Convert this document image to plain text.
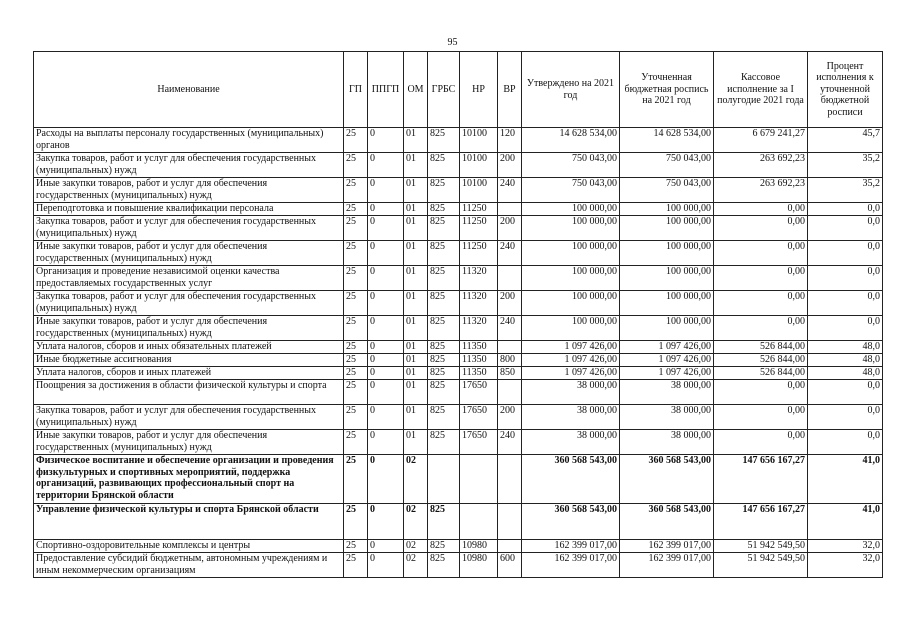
95
Наименование	ГП	ППГП	ОМ	ГРБС	НР	ВР	Утверждено на 2021 год	Уточненная бюджетная роспись на 2021 год	Кассовое исполнение за I полугодие 2021 года	Процент исполнения к уточненной бюджетной росписи
Расходы на выплаты персоналу государственных (муниципальных) органов	25	0	01	825	10100	120	14 628 534,00	14 628 534,00	6 679 241,27	45,7
Закупка товаров, работ и услуг для обеспечения государственных (муниципальных) нужд	25	0	01	825	10100	200	750 043,00	750 043,00	263 692,23	35,2
Иные закупки товаров, работ и услуг для обеспечения государственных (муниципальных) нужд	25	0	01	825	10100	240	750 043,00	750 043,00	263 692,23	35,2
Переподготовка и повышение квалификации персонала	25	0	01	825	11250		100 000,00	100 000,00	0,00	0,0
Закупка товаров, работ и услуг для обеспечения государственных (муниципальных) нужд	25	0	01	825	11250	200	100 000,00	100 000,00	0,00	0,0
Иные закупки товаров, работ и услуг для обеспечения государственных (муниципальных) нужд	25	0	01	825	11250	240	100 000,00	100 000,00	0,00	0,0
Организация и проведение независимой оценки качества предоставляемых государственных услуг	25	0	01	825	11320		100 000,00	100 000,00	0,00	0,0
Закупка товаров, работ и услуг для обеспечения государственных (муниципальных) нужд	25	0	01	825	11320	200	100 000,00	100 000,00	0,00	0,0
Иные закупки товаров, работ и услуг для обеспечения государственных (муниципальных) нужд	25	0	01	825	11320	240	100 000,00	100 000,00	0,00	0,0
Уплата налогов, сборов и иных обязательных платежей	25	0	01	825	11350		1 097 426,00	1 097 426,00	526 844,00	48,0
Иные бюджетные ассигнования	25	0	01	825	11350	800	1 097 426,00	1 097 426,00	526 844,00	48,0
Уплата налогов, сборов и иных платежей	25	0	01	825	11350	850	1 097 426,00	1 097 426,00	526 844,00	48,0
Поощрения за достижения в области физической культуры и спорта	25	0	01	825	17650		38 000,00	38 000,00	0,00	0,0
Закупка товаров, работ и услуг для обеспечения государственных (муниципальных) нужд	25	0	01	825	17650	200	38 000,00	38 000,00	0,00	0,0
Иные закупки товаров, работ и услуг для обеспечения государственных (муниципальных) нужд	25	0	01	825	17650	240	38 000,00	38 000,00	0,00	0,0
Физическое воспитание и обеспечение организации и проведения физкультурных и спортивных мероприятий, поддержка организаций, развивающих профессиональный спорт на территории Брянской области	25	0	02				360 568 543,00	360 568 543,00	147 656 167,27	41,0
Управление физической культуры и спорта Брянской области	25	0	02	825			360 568 543,00	360 568 543,00	147 656 167,27	41,0
Спортивно-оздоровительные комплексы и центры	25	0	02	825	10980		162 399 017,00	162 399 017,00	51 942 549,50	32,0
Предоставление субсидий бюджетным, автономным учреждениям и иным некоммерческим организациям	25	0	02	825	10980	600	162 399 017,00	162 399 017,00	51 942 549,50	32,0
